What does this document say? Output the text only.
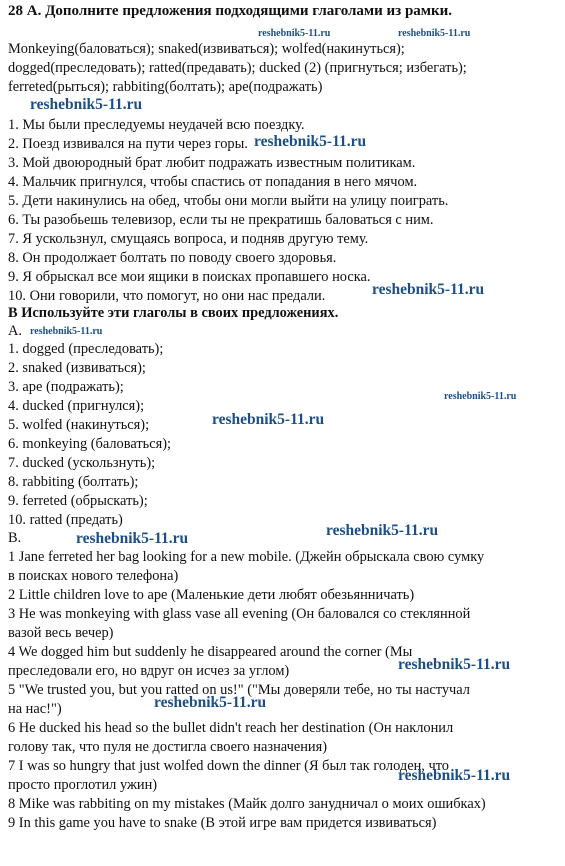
28 А. Дополните предложения подходящими глаголами из рамки.
Monkeying(баловаться); snaked(извиваться); wolfed(накинуться);
dogged(преследовать); ratted(предавать); ducked (2) (пригнуться; избегать);
ferreted(рыться); rabbiting(болтать); ape(подражать)
1. Мы были преследуемы неудачей всю поездку.
2. Поезд извивался на пути через горы.
3. Мой двоюродный брат любит подражать известным политикам.
4. Мальчик пригнулся, чтобы спастись от попадания в него мячом.
5. Дети накинулись на обед, чтобы они могли выйти на улицу поиграть.
6. Ты разобьешь телевизор, если ты не прекратишь баловаться с ним.
7. Я ускользнул, смущаясь вопроса, и подняв другую тему.
8. Он продолжает болтать по поводу своего здоровья.
9. Я обрыскал все мои ящики в поисках пропавшего носка.
10. Они говорили, что помогут, но они нас предали.
В Используйте эти глаголы в своих предложениях.
A.
1. dogged (преследовать);
2. snaked (извиваться);
3. ape (подражать);
4. ducked (пригнулся);
5. wolfed (накинуться);
6. monkeying (баловаться);
7. ducked (ускользнуть);
8. rabbiting (болтать);
9. ferreted (обрыскать);
10. ratted (предать)
B.
1 Jane ferreted her bag looking for a new mobile. (Джейн обрыскала свою сумку
в поисках нового телефона)
2 Little children love to ape (Маленькие дети любят обезьянничать)
3 He was monkeying with glass vase all evening (Он баловался со стеклянной
вазой весь вечер)
4 We dogged him but suddenly he disappeared around the corner (Мы
преследовали его, но вдруг он исчез за углом)
5 "We trusted you, but you ratted on us!" ("Мы доверяли тебе, но ты настучал
на нас!")
6 He ducked his head so the bullet didn't reach her destination (Он наклонил
голову так, что пуля не достигла своего назначения)
7 I was so hungry that just wolfed down the dinner (Я был так голоден, что
просто проглотил ужин)
8 Mike was rabbiting on my mistakes (Майк долго занудничал о моих ошибках)
9 In this game you have to snake (В этой игре вам придется извиваться)
reshebnik5-11.ru	reshebnik5-11.ru
reshebnik5-11.ru
reshebnik5-11.ru
reshebnik5-11.ru
reshebnik5-11.ru
reshebnik5-11.ru
reshebnik5-11.ru
reshebnik5-11.ru	reshebnik5-11.ru
reshebnik5-11.ru
reshebnik5-11.ru
reshebnik5-11.ru
